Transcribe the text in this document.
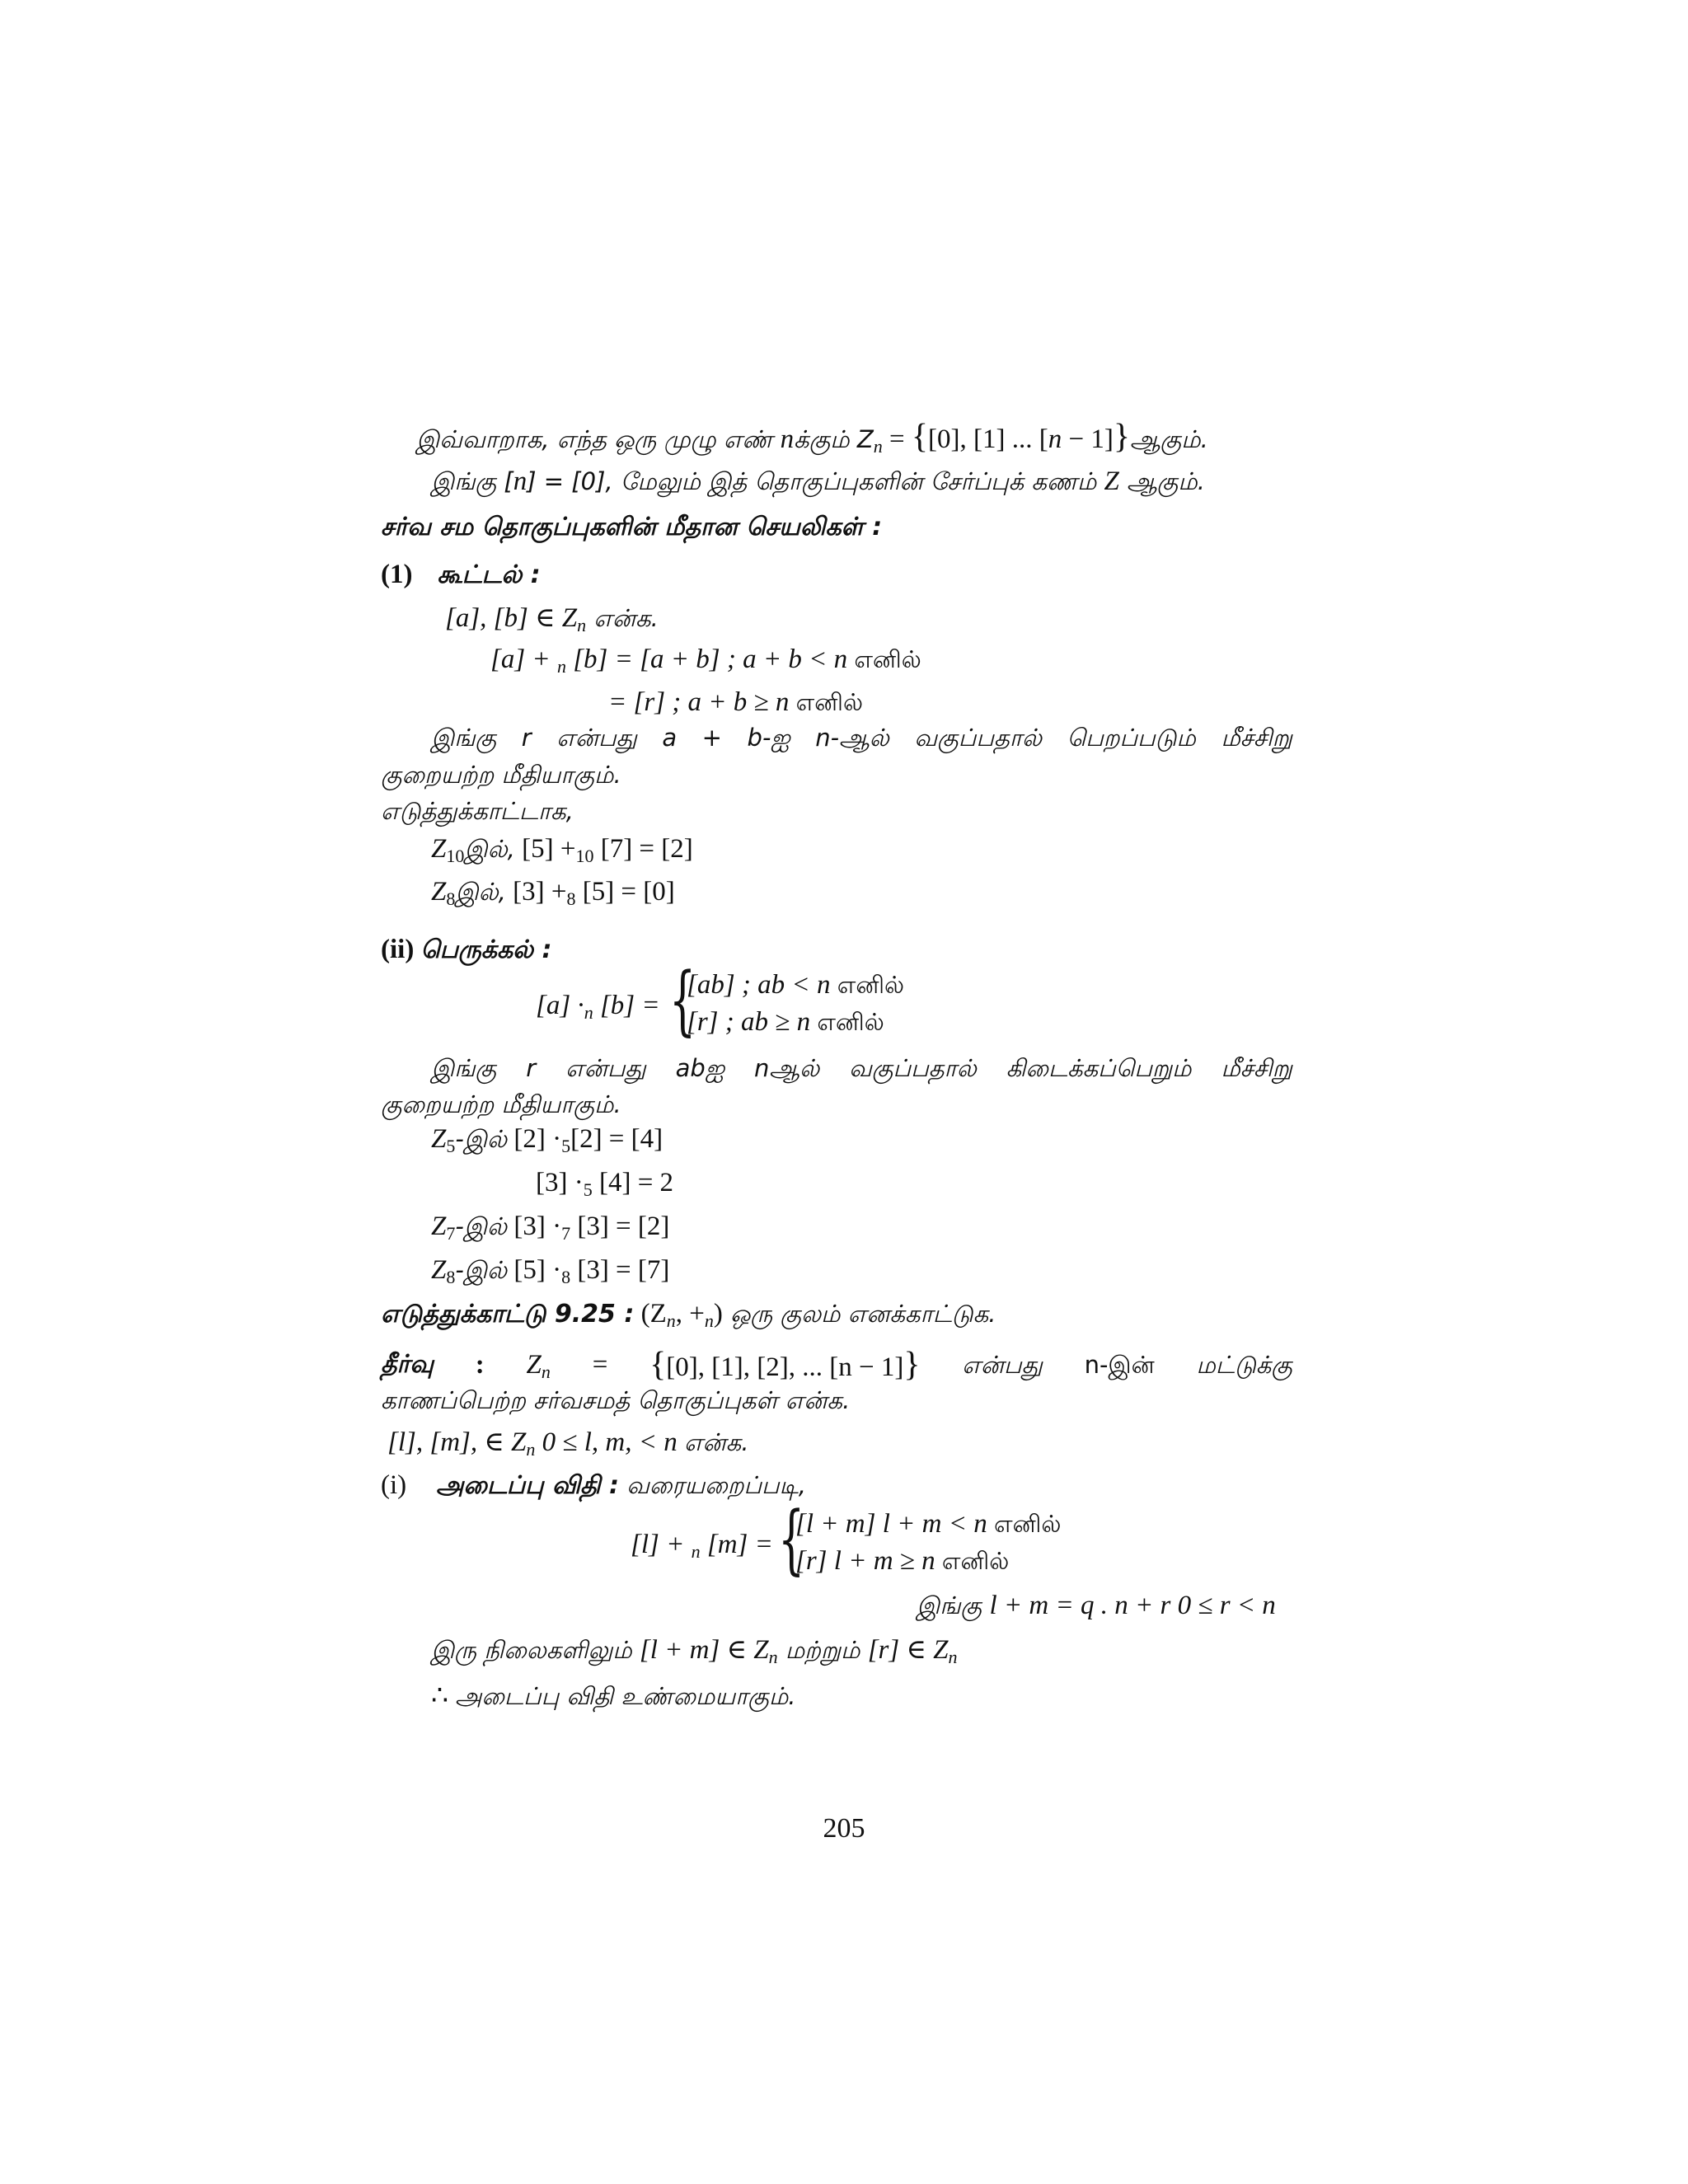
இவ்வாறாக, எந்த ஒரு முழு எண் nக்கும் $Z_n = \{[0]$, [1] ... [n − 1]}ஆகும்.
இங்கு [n] = [0], மேலும் இத் தொகுப்புகளின் சேர்ப்புக் கணம் Z ஆகும்.
சர்வ சம தொகுப்புகளின் மீதான செயலிகள் :
(1) கூட்டல் :
[a], [b] ∈ $Z_n$ என்க.
[a] + $_n$ [b] = [a + b] ; a + b < n எனில்
= [r] ; a + b ≥ n எனில்
இங்கு r என்பது a + b-ஐ n-ஆல் வகுப்பதால் பெறப்படும் மீச்சிறு
குறையற்ற மீதியாகும்.
எடுத்துக்காட்டாக,
$Z_{10}இல்$, $[5] +_{10}$ [7] = [2]
$Z_8இல்$, $[3] +_8$ [5] = [0]
(ii) பெருக்கல் :
$[a] \cdot_n$ [b] = {
[ab] ; ab < n எனில்
[r] ; ab ≥ n எனில்
இங்கு r என்பது abஐ nஆல் வகுப்பதால் கிடைக்கப்பெறும் மீச்சிறு
குறையற்ற மீதியாகும்.
$Z_5-இல்$ $[2] \cdot_5[2] = [4]$
$[3] \cdot_5$ [4] = 2
$Z_7-இல்$ $[3] \cdot_7$ [3] = [2]
$Z_8-இல்$ $[5] \cdot_8$ [3] = [7]
எடுத்துக்காட்டு 9.25 : ($Z_n$, $+_n$) ஒரு குலம் எனக்காட்டுக.
தீர்வு : $Z_n = \{[0]$, [1], [2], ... [n − 1]} என்பது n-இன் மட்டுக்கு
காணப்பெற்ற சர்வசமத் தொகுப்புகள் என்க.
[l], [m], ∈ $Z_n$ 0 ≤ l, m, < n என்க.
(i) அடைப்பு விதி : வரையறைப்படி,
[l] + $_n$ [m] = {
[l + m] l + m < n எனில்
[r] l + m ≥ n எனில்
இங்கு l + m = q . n + r 0 ≤ r < n
இரு நிலைகளிலும் [l + m] ∈ $Z_n$ மற்றும் [r] ∈ $Z_n$
∴ அடைப்பு விதி உண்மையாகும்.
205
